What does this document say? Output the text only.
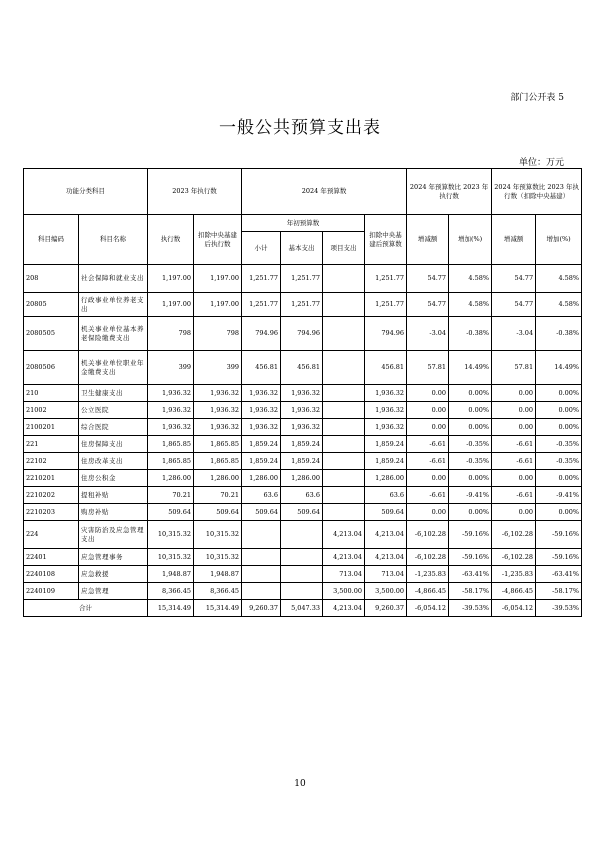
部门公开表 5
一般公共预算支出表
单位：万元
功能分类科目		2023 年执行数		2024 年预算数				2024 年预算数比 2023 年执行数		2024 年预算数比 2023 年执行数（扣除中央基建）	
科目编码	科目名称	执行数	扣除中央基建后执行数	年初预算数			扣除中央基建后预算数	增减额	增加(%)	增减额	增加(%)
				小计	基本支出	项目支出					
208	社会保障和就业支出	1,197.00	1,197.00	1,251.77	1,251.77		1,251.77	54.77	4.58%	54.77	4.58%
20805	行政事业单位养老支出	1,197.00	1,197.00	1,251.77	1,251.77		1,251.77	54.77	4.58%	54.77	4.58%
2080505	机关事业单位基本养老保险缴费支出	798	798	794.96	794.96		794.96	-3.04	-0.38%	-3.04	-0.38%
2080506	机关事业单位职业年金缴费支出	399	399	456.81	456.81		456.81	57.81	14.49%	57.81	14.49%
210	卫生健康支出	1,936.32	1,936.32	1,936.32	1,936.32		1,936.32	0.00	0.00%	0.00	0.00%
21002	公立医院	1,936.32	1,936.32	1,936.32	1,936.32		1,936.32	0.00	0.00%	0.00	0.00%
2100201	综合医院	1,936.32	1,936.32	1,936.32	1,936.32		1,936.32	0.00	0.00%	0.00	0.00%
221	住房保障支出	1,865.85	1,865.85	1,859.24	1,859.24		1,859.24	-6.61	-0.35%	-6.61	-0.35%
22102	住房改革支出	1,865.85	1,865.85	1,859.24	1,859.24		1,859.24	-6.61	-0.35%	-6.61	-0.35%
2210201	住房公积金	1,286.00	1,286.00	1,286.00	1,286.00		1,286.00	0.00	0.00%	0.00	0.00%
2210202	提租补贴	70.21	70.21	63.6	63.6		63.6	-6.61	-9.41%	-6.61	-9.41%
2210203	购房补贴	509.64	509.64	509.64	509.64		509.64	0.00	0.00%	0.00	0.00%
224	灾害防治及应急管理支出	10,315.32	10,315.32			4,213.04	4,213.04	-6,102.28	-59.16%	-6,102.28	-59.16%
22401	应急管理事务	10,315.32	10,315.32			4,213.04	4,213.04	-6,102.28	-59.16%	-6,102.28	-59.16%
2240108	应急救援	1,948.87	1,948.87			713.04	713.04	-1,235.83	-63.41%	-1,235.83	-63.41%
2240109	应急管理	8,366.45	8,366.45			3,500.00	3,500.00	-4,866.45	-58.17%	-4,866.45	-58.17%
合计		15,314.49	15,314.49	9,260.37	5,047.33	4,213.04	9,260.37	-6,054.12	-39.53%	-6,054.12	-39.53%
10
